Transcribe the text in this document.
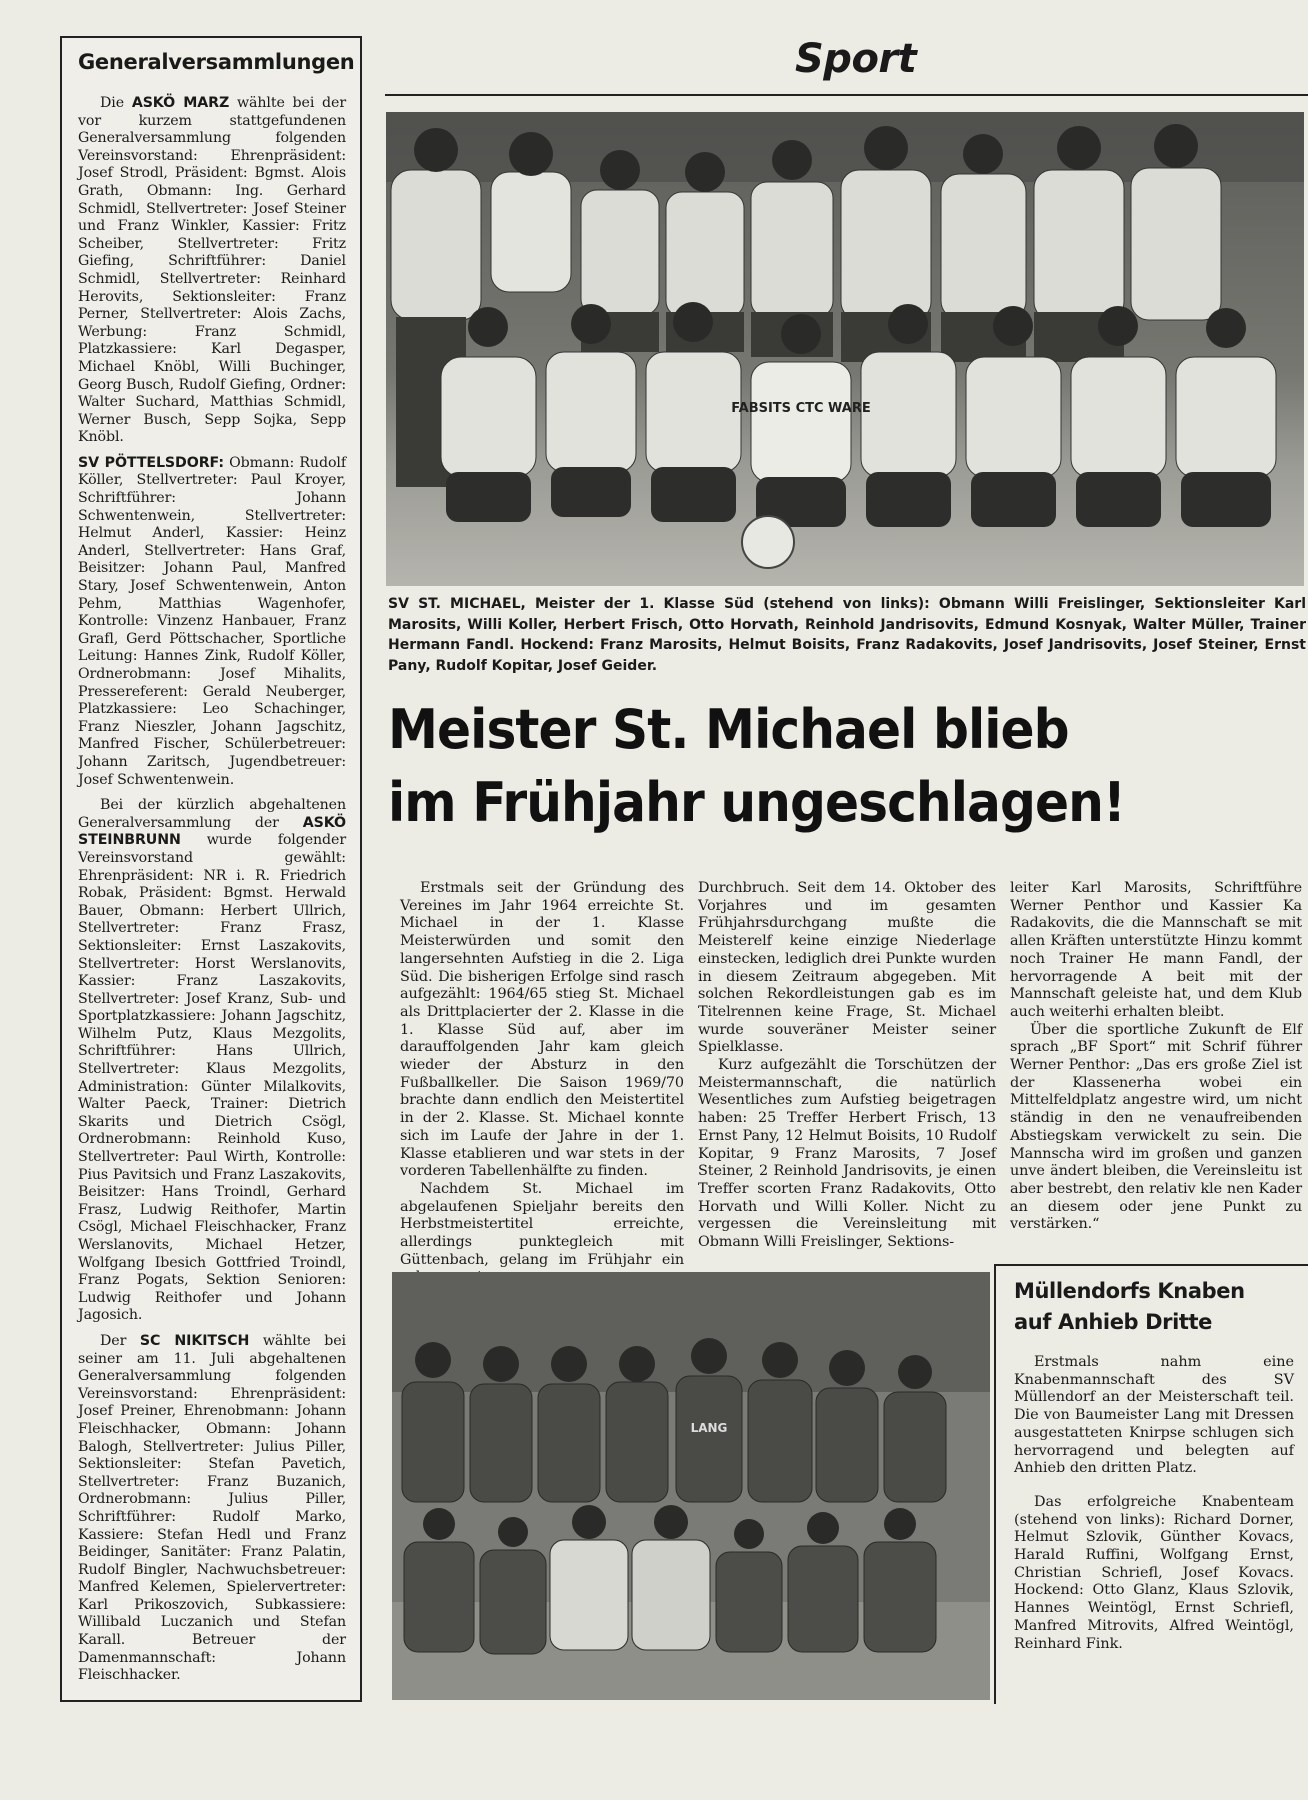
Generalversammlungen

Die ASKÖ MARZ wählte bei der vor kurzem stattgefundenen Generalversammlung folgenden Vereinsvorstand: Ehrenpräsident: Josef Strodl, Präsident: Bgmst. Alois Grath, Obmann: Ing. Gerhard Schmidl, Stellvertreter: Josef Steiner und Franz Winkler, Kassier: Fritz Scheiber, Stellvertreter: Fritz Giefing, Schriftführer: Daniel Schmidl, Stellvertreter: Reinhard Herovits, Sektionsleiter: Franz Perner, Stellvertreter: Alois Zachs, Werbung: Franz Schmidl, Platzkassiere: Karl Degasper, Michael Knöbl, Willi Buchinger, Georg Busch, Rudolf Giefing, Ordner: Walter Suchard, Matthias Schmidl, Werner Busch, Sepp Sojka, Sepp Knöbl.

SV PÖTTELSDORF: Obmann: Rudolf Köller, Stellvertreter: Paul Kroyer, Schriftführer: Johann Schwentenwein, Stellvertreter: Helmut Anderl, Kassier: Heinz Anderl, Stellvertreter: Hans Graf, Beisitzer: Johann Paul, Manfred Stary, Josef Schwentenwein, Anton Pehm, Matthias Wagenhofer, Kontrolle: Vinzenz Hanbauer, Franz Grafl, Gerd Pöttschacher, Sportliche Leitung: Hannes Zink, Rudolf Köller, Ordnerobmann: Josef Mihalits, Pressereferent: Gerald Neuberger, Platzkassiere: Leo Schachinger, Franz Nieszler, Johann Jagschitz, Manfred Fischer, Schülerbetreuer: Johann Zaritsch, Jugendbetreuer: Josef Schwentenwein.

Bei der kürzlich abgehaltenen Generalversammlung der ASKÖ STEINBRUNN wurde folgender Vereinsvorstand gewählt: Ehrenpräsident: NR i. R. Friedrich Robak, Präsident: Bgmst. Herwald Bauer, Obmann: Herbert Ullrich, Stellvertreter: Franz Frasz, Sektionsleiter: Ernst Laszakovits, Stellvertreter: Horst Werslanovits, Kassier: Franz Laszakovits, Stellvertreter: Josef Kranz, Sub- und Sportplatzkassiere: Johann Jagschitz, Wilhelm Putz, Klaus Mezgolits, Schriftführer: Hans Ullrich, Stellvertreter: Klaus Mezgolits, Administration: Günter Milalkovits, Walter Paeck, Trainer: Dietrich Skarits und Dietrich Csögl, Ordnerobmann: Reinhold Kuso, Stellvertreter: Paul Wirth, Kontrolle: Pius Pavitsich und Franz Laszakovits, Beisitzer: Hans Troindl, Gerhard Frasz, Ludwig Reithofer, Martin Csögl, Michael Fleischhacker, Franz Werslanovits, Michael Hetzer, Wolfgang Ibesich Gottfried Troindl, Franz Pogats, Sektion Senioren: Ludwig Reithofer und Johann Jagosich.

Der SC NIKITSCH wählte bei seiner am 11. Juli abgehaltenen Generalversammlung folgenden Vereinsvorstand: Ehrenpräsident: Josef Preiner, Ehrenobmann: Johann Fleischhacker, Obmann: Johann Balogh, Stellvertreter: Julius Piller, Sektionsleiter: Stefan Pavetich, Stellvertreter: Franz Buzanich, Ordnerobmann: Julius Piller, Schriftführer: Rudolf Marko, Kassiere: Stefan Hedl und Franz Beidinger, Sanitäter: Franz Palatin, Rudolf Bingler, Nachwuchsbetreuer: Manfred Kelemen, Spielervertreter: Karl Prikoszovich, Subkassiere: Willibald Luczanich und Stefan Karall. Betreuer der Damenmannschaft: Johann Fleischhacker.

Sport
FABSITS CTC WARE
SV ST. MICHAEL, Meister der 1. Klasse Süd (stehend von links): Obmann Willi Freislinger, Sektionsleiter Karl Marosits, Willi Koller, Herbert Frisch, Otto Horvath, Reinhold Jandrisovits, Edmund Kosnyak, Walter Müller, Trainer Hermann Fandl. Hockend: Franz Marosits, Helmut Boisits, Franz Radakovits, Josef Jandrisovits, Josef Steiner, Ernst Pany, Rudolf Kopitar, Josef Geider.
Meister St. Michael blieb
im Frühjahr ungeschlagen!

Erstmals seit der Gründung des Vereines im Jahr 1964 erreichte St. Michael in der 1. Klasse Meisterwürden und somit den langersehnten Aufstieg in die 2. Liga Süd. Die bisherigen Erfolge sind rasch aufgezählt: 1964/65 stieg St. Michael als Drittplacierter der 2. Klasse in die 1. Klasse Süd auf, aber im darauffolgenden Jahr kam gleich wieder der Absturz in den Fußballkeller. Die Saison 1969/70 brachte dann endlich den Meistertitel in der 2. Klasse. St. Michael konnte sich im Laufe der Jahre in der 1. Klasse etablieren und war stets in der vorderen Tabellenhälfte zu finden.

Nachdem St. Michael im abgelaufenen Spieljahr bereits den Herbstmeistertitel erreichte, allerdings punktegleich mit Güttenbach, gelang im Frühjahr ein

Durchbruch. Seit dem 14. Oktober des Vorjahres und im gesamten Frühjahrsdurchgang mußte die Meisterelf keine einzige Niederlage einstecken, lediglich drei Punkte wurden in diesem Zeitraum abgegeben. Mit solchen Rekordleistungen gab es im Titelrennen keine Frage, St. Michael wurde souveräner Meister seiner Spielklasse.

Kurz aufgezählt die Torschützen der Meistermannschaft, die natürlich Wesentliches zum Aufstieg beigetragen haben: 25 Treffer Herbert Frisch, 13 Ernst Pany, 12 Helmut Boisits, 10 Rudolf Kopitar, 9 Franz Marosits, 7 Josef Steiner, 2 Reinhold Jandrisovits, je einen Treffer scorten Franz Radakovits, Otto Horvath und Willi Koller. Nicht zu vergessen die Vereinsleitung mit Obmann Willi Freislinger, Sektions-

leiter Karl Marosits, Schriftführe Werner Penthor und Kassier Ka Radakovits, die die Mannschaft se mit allen Kräften unterstützte Hinzu kommt noch Trainer He mann Fandl, der hervorragende A beit mit der Mannschaft geleiste hat, und dem Klub auch weiterhi erhalten bleibt.

Über die sportliche Zukunft de Elf sprach „BF Sport“ mit Schrif führer Werner Penthor: „Das ers große Ziel ist der Klassenerha wobei ein Mittelfeldplatz angestre wird, um nicht ständig in den ne venaufreibenden Abstiegskam verwickelt zu sein. Die Mannscha wird im großen und ganzen unve ändert bleiben, die Vereinsleitu ist aber bestrebt, den relativ kle nen Kader an diesem oder jene Punkt zu verstärken.“

LANG
Müllendorfs Knaben
auf Anhieb Dritte

Erstmals nahm eine Knabenmannschaft des SV Müllendorf an der Meisterschaft teil. Die von Baumeister Lang mit Dressen ausgestatteten Knirpse schlugen sich hervorragend und belegten auf Anhieb den dritten Platz.

Das erfolgreiche Knabenteam (stehend von links): Richard Dorner, Helmut Szlovik, Günther Kovacs, Harald Ruffini, Wolfgang Ernst, Christian Schriefl, Josef Kovacs. Hockend: Otto Glanz, Klaus Szlovik, Hannes Weintögl, Ernst Schriefl, Manfred Mitrovits, Alfred Weintögl, Reinhard Fink.
